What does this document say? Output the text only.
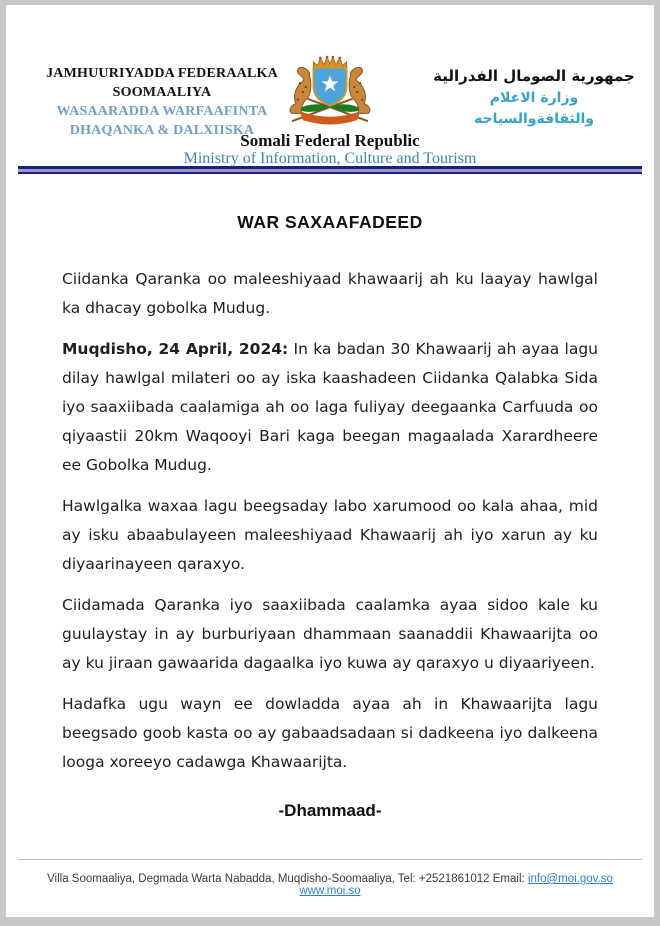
JAMHUURIYADDA FEDERAALKA
SOOMAALIYA
WASAARADDA WARFAAFINTA
DHAQANKA & DALXIISKA
جمهورية الصومال الفدرالية
وزارة الاعلام
والثقافةوالسياحه
Somali Federal Republic
Ministry of Information, Culture and Tourism
WAR SAXAAFADEED

Ciidanka Qaranka oo maleeshiyaad khawaarij ah ku laayay hawlgal ka dhacay gobolka Mudug.

Muqdisho, 24 April, 2024: In ka badan 30 Khawaarij ah ayaa lagu dilay hawlgal milateri oo ay iska kaashadeen Ciidanka Qalabka Sida iyo saaxiibada caalamiga ah oo laga fuliyay deegaanka Carfuuda oo qiyaastii 20km Waqooyi Bari kaga beegan magaalada Xarardheere ee Gobolka Mudug.

Hawlgalka waxaa lagu beegsaday labo xarumood oo kala ahaa, mid ay isku abaabulayeen maleeshiyaad Khawaarij ah iyo xarun ay ku diyaarinayeen qaraxyo.

Ciidamada Qaranka iyo saaxiibada caalamka ayaa sidoo kale ku guulaystay in ay burburiyaan dhammaan saanaddii Khawaarijta oo ay ku jiraan gawaarida dagaalka iyo kuwa ay qaraxyo u diyaariyeen.

Hadafka ugu wayn ee dowladda ayaa ah in Khawaarijta lagu beegsado goob kasta oo ay gabaadsadaan si dadkeena iyo dalkeena looga xoreeyo cadawga Khawaarijta.

-Dhammaad-
Villa Soomaaliya, Degmada Warta Nabadda, Muqdisho-Soomaaliya, Tel: +2521861012 Email: info@moi.gov.so www.moi.so
